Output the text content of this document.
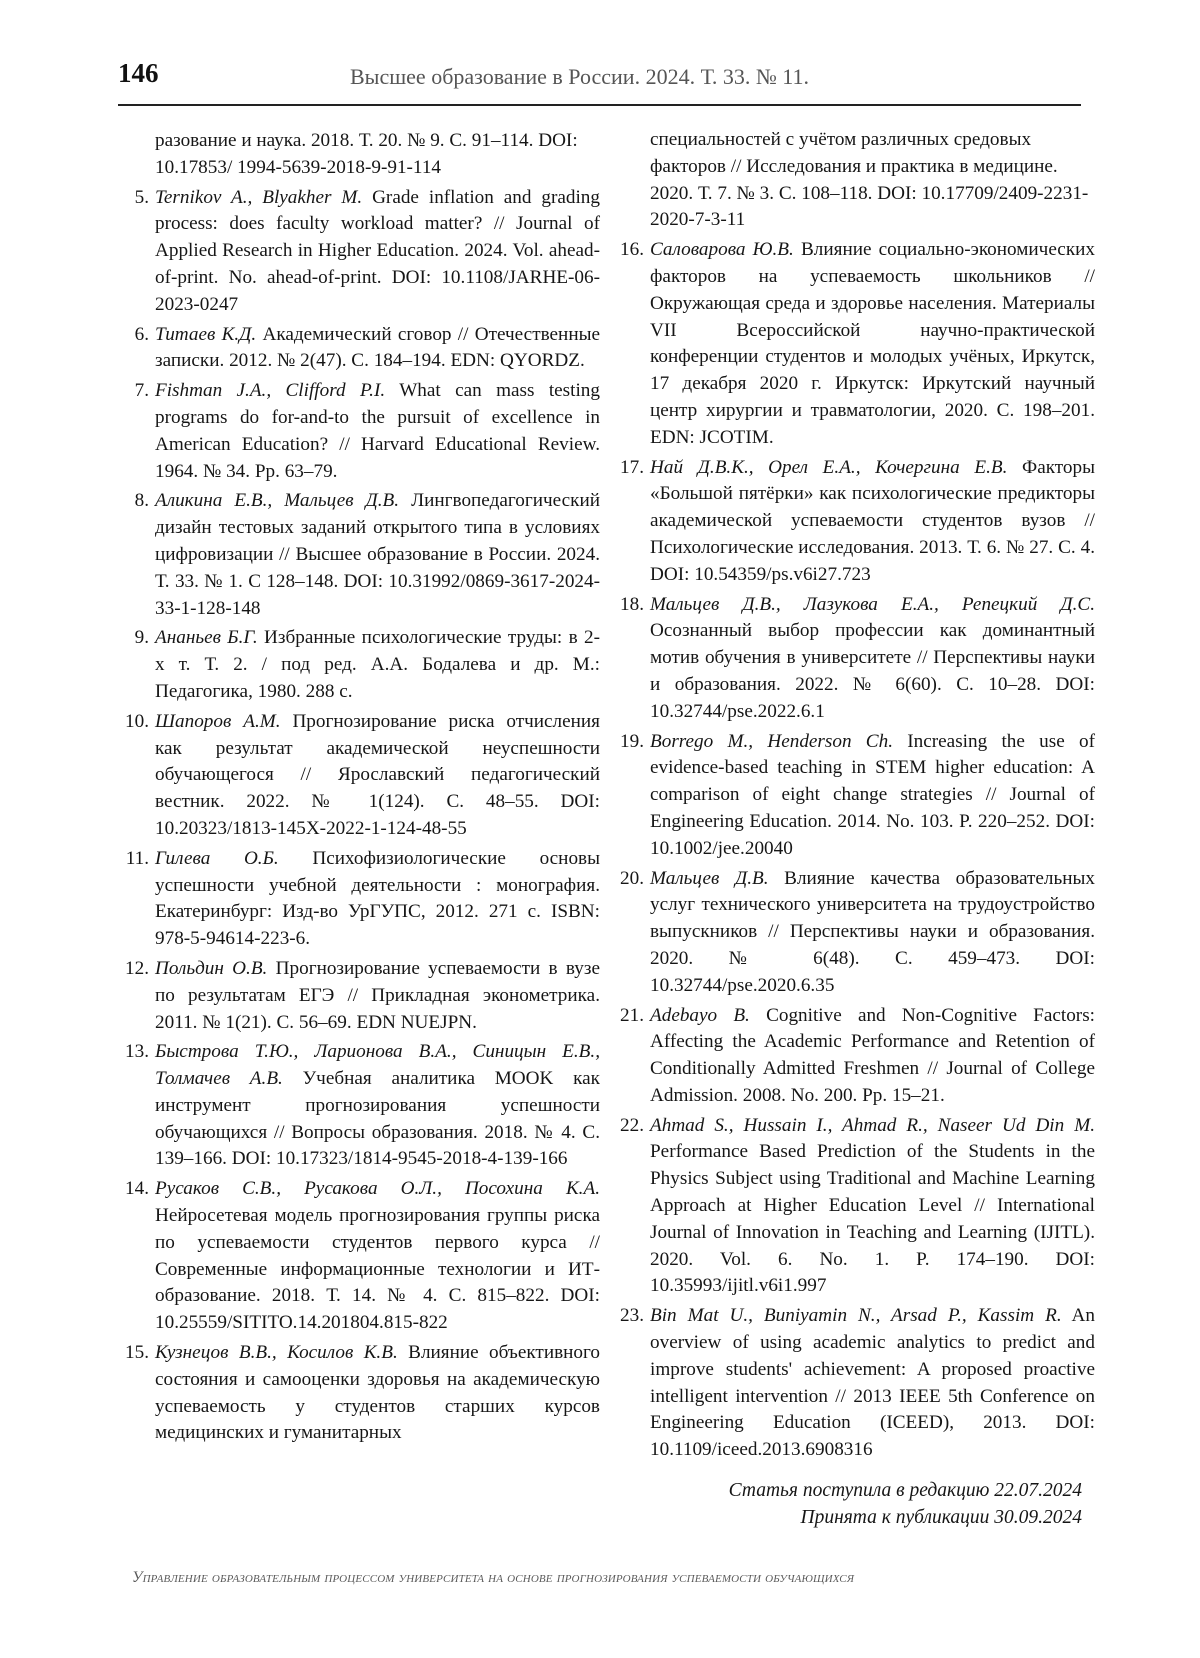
146	Высшее образование в России. 2024. Т. 33. № 11.

разование и наука. 2018. Т. 20. № 9. С. 91–114. DOI: 10.17853/ 1994-5639-2018-9-91-114

5. Ternikov A., Blyakher M. Grade inflation and grading process: does faculty workload matter? // Journal of Applied Research in Higher Education. 2024. Vol. ahead-of-print. No. ahead-of-print. DOI: 10.1108/JARHE-06-2023-0247

6. Титаев К.Д. Академический сговор // Отечественные записки. 2012. № 2(47). С. 184–194. EDN: QYORDZ.

7. Fishman J.A., Clifford P.I. What can mass testing programs do for-and-to the pursuit of excellence in American Education? // Harvard Educational Review. 1964. № 34. Pp. 63–79.

8. Аликина Е.В., Мальцев Д.В. Лингвопедагогический дизайн тестовых заданий открытого типа в условиях цифровизации // Высшее образование в России. 2024. Т. 33. № 1. С 128–148. DOI: 10.31992/0869-3617-2024-33-1-128-148

9. Ананьев Б.Г. Избранные психологические труды: в 2-х т. Т. 2. / под ред. А.А. Бодалева и др. М.: Педагогика, 1980. 288 с.

10. Шапоров А.М. Прогнозирование риска отчисления как результат академической неуспешности обучающегося // Ярославский педагогический вестник. 2022. № 1(124). С. 48–55. DOI: 10.20323/1813-145X-2022-1-124-48-55

11. Гилева О.Б. Психофизиологические основы успешности учебной деятельности : монография. Екатеринбург: Изд-во УрГУПС, 2012. 271 с. ISBN: 978-5-94614-223-6.

12. Польдин О.В. Прогнозирование успеваемости в вузе по результатам ЕГЭ // Прикладная эконометрика. 2011. № 1(21). С. 56–69. EDN NUEJPN.

13. Быстрова Т.Ю., Ларионова В.А., Синицын Е.В., Толмачев А.В. Учебная аналитика MOOK как инструмент прогнозирования успешности обучающихся // Вопросы образования. 2018. № 4. С. 139–166. DOI: 10.17323/1814-9545-2018-4-139-166

14. Русаков С.В., Русакова О.Л., Посохина К.А. Нейросетевая модель прогнозирования группы риска по успеваемости студентов первого курса // Современные информационные технологии и ИТ-образование. 2018. Т. 14. № 4. С. 815–822. DOI: 10.25559/SITITO.14.201804.815-822

15. Кузнецов В.В., Косилов К.В. Влияние объективного состояния и самооценки здоровья на академическую успеваемость у студентов старших курсов медицинских и гуманитарных

специальностей с учётом различных средовых факторов // Исследования и практика в медицине. 2020. Т. 7. № 3. С. 108–118. DOI: 10.17709/2409-2231-2020-7-3-11

16. Саловарова Ю.В. Влияние социально-экономических факторов на успеваемость школьников // Окружающая среда и здоровье населения. Материалы VII Всероссийской научно-практической конференции студентов и молодых учёных, Иркутск, 17 декабря 2020 г. Иркутск: Иркутский научный центр хирургии и травматологии, 2020. С. 198–201. EDN: JCOTIM.

17. Най Д.В.К., Орел Е.А., Кочергина Е.В. Факторы «Большой пятёрки» как психологические предикторы академической успеваемости студентов вузов // Психологические исследования. 2013. Т. 6. № 27. С. 4. DOI: 10.54359/ps.v6i27.723

18. Мальцев Д.В., Лазукова Е.А., Репецкий Д.С. Осознанный выбор профессии как доминантный мотив обучения в университете // Перспективы науки и образования. 2022. № 6(60). С. 10–28. DOI: 10.32744/pse.2022.6.1

19. Borrego M., Henderson Ch. Increasing the use of evidence-based teaching in STEM higher education: A comparison of eight change strategies // Journal of Engineering Education. 2014. No. 103. P. 220–252. DOI: 10.1002/jee.20040

20. Мальцев Д.В. Влияние качества образовательных услуг технического университета на трудоустройство выпускников // Перспективы науки и образования. 2020. № 6(48). С. 459–473. DOI: 10.32744/pse.2020.6.35

21. Adebayo B. Cognitive and Non-Cognitive Factors: Affecting the Academic Performance and Retention of Conditionally Admitted Freshmen // Journal of College Admission. 2008. No. 200. Pp. 15–21.

22. Ahmad S., Hussain I., Ahmad R., Naseer Ud Din M. Performance Based Prediction of the Students in the Physics Subject using Traditional and Machine Learning Approach at Higher Education Level // International Journal of Innovation in Teaching and Learning (IJITL). 2020. Vol. 6. No. 1. P. 174–190. DOI: 10.35993/ijitl.v6i1.997

23. Bin Mat U., Buniyamin N., Arsad P., Kassim R. An overview of using academic analytics to predict and improve students' achievement: A proposed proactive intelligent intervention // 2013 IEEE 5th Conference on Engineering Education (ICEED), 2013. DOI: 10.1109/iceed.2013.6908316

Статья поступила в редакцию 22.07.2024
Принята к публикации 30.09.2024
Управление образовательным процессом университета на основе прогнозирования успеваемости обучающихся
